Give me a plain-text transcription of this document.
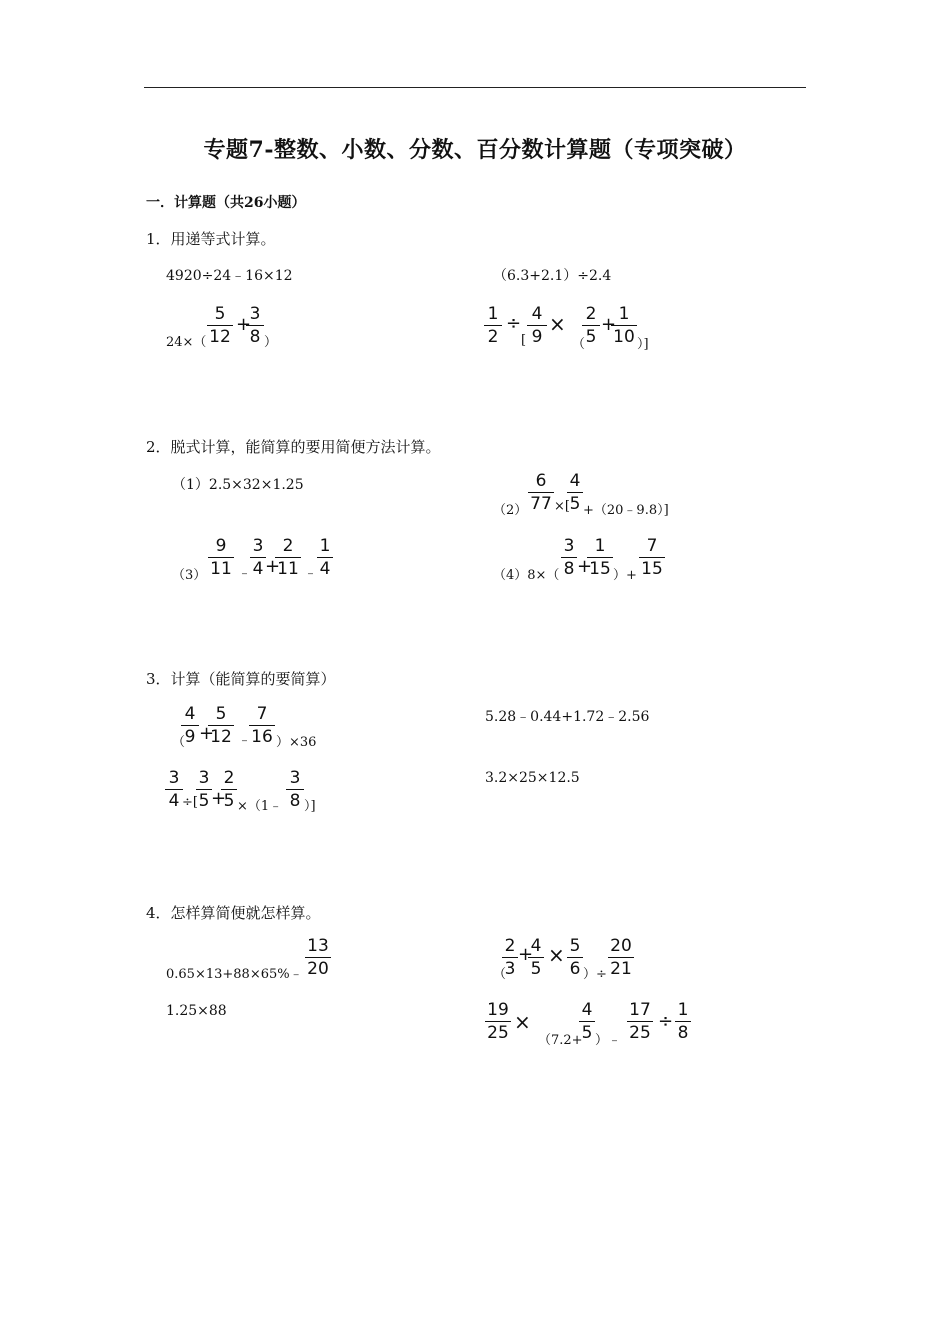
专题7-整数、小数、分数、百分数计算题（专项突破）
一．计算题（共26小题）
1．用递等式计算。
4920÷24﹣16×12	（6.3+2.1）÷2.4
24×（
5
12
+
3
8 ）
1
2
÷
[
4
9
×
（
2
5
+ 1
10 ）]
2．脱式计算，能简算的要用简便方法计算。
（1）2.5×32×1.25
（2）
6
77 ×[
4
5 +（20﹣9.8）]
（3）
9
11 ﹣
3
4 +
2
11 ﹣
1
4	（4）8×（
3
8 +
1
15 ）+
7
15
3．计算（能简算的要简算）
（
4
9 +
5
12 ﹣
7
16 ）×36
5.28﹣0.44+1.72﹣2.56
3
4 ÷[
3
5 +
2
5 ×（1﹣
3
8 ）]
3.2×25×12.5
4．怎样算简便就怎样算。
0.65×13+88×65%﹣
13
20	（
2
3
+
4
5
× 5
6 ）÷
20
21
1.25×88	19
25 ×
（7.2+
4
5 ）﹣
17
25
÷
1
8
